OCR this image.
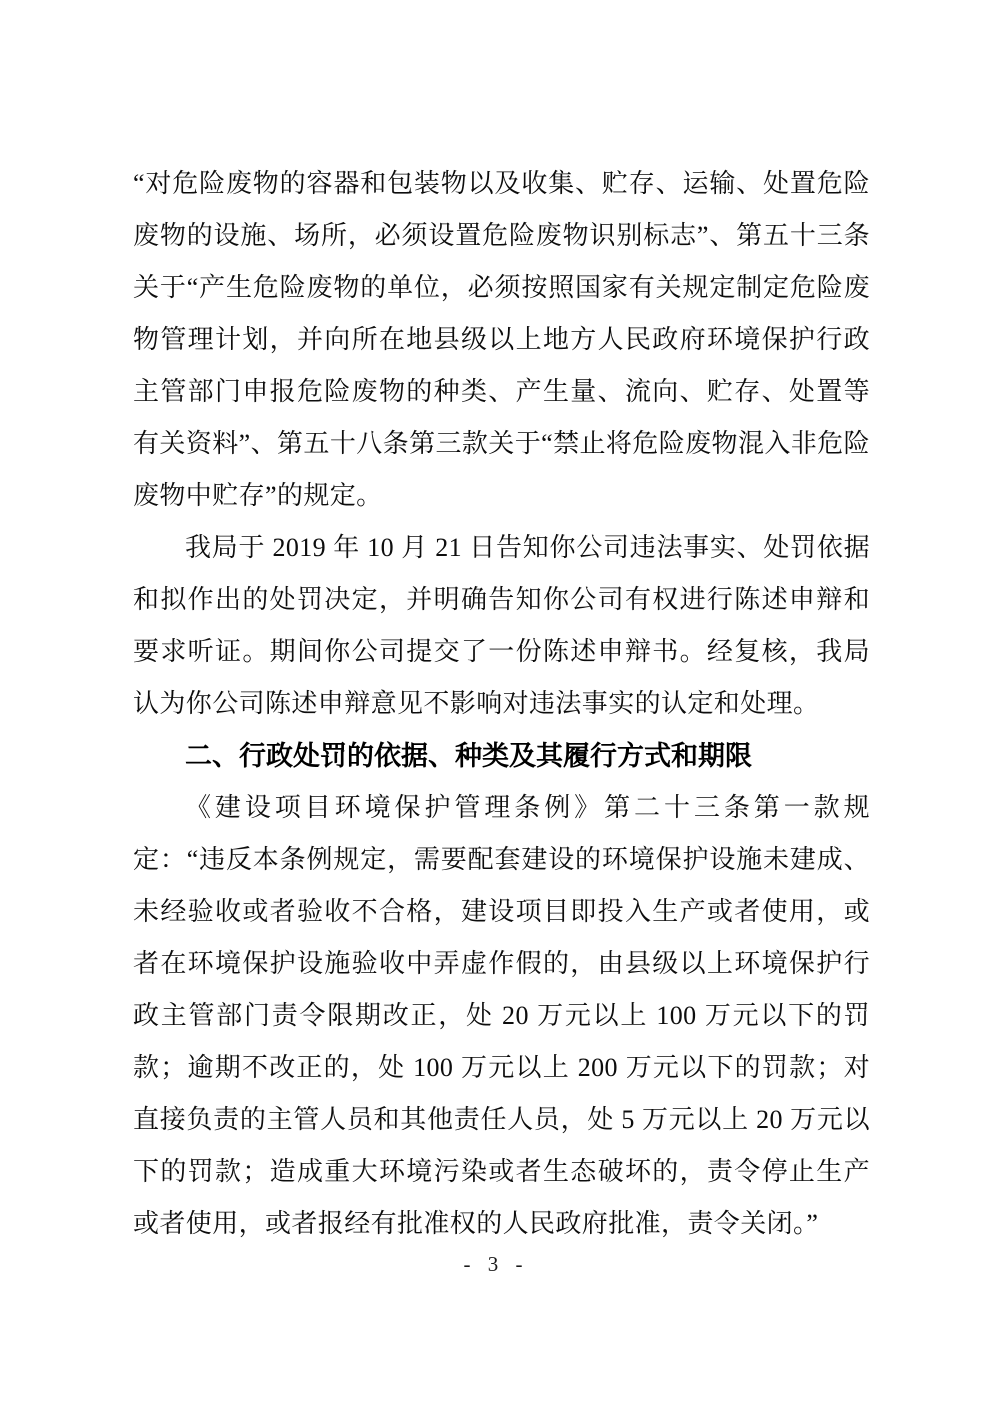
“对危险废物的容器和包装物以及收集、贮存、运输、处置危险废物的设施、场所，必须设置危险废物识别标志”、第五十三条关于“产生危险废物的单位，必须按照国家有关规定制定危险废物管理计划，并向所在地县级以上地方人民政府环境保护行政主管部门申报危险废物的种类、产生量、流向、贮存、处置等有关资料”、第五十八条第三款关于“禁止将危险废物混入非危险废物中贮存”的规定。

我局于 2019 年 10 月 21 日告知你公司违法事实、处罚依据和拟作出的处罚决定，并明确告知你公司有权进行陈述申辩和要求听证。期间你公司提交了一份陈述申辩书。经复核，我局认为你公司陈述申辩意见不影响对违法事实的认定和处理。

二、行政处罚的依据、种类及其履行方式和期限

《建设项目环境保护管理条例》第二十三条第一款规定：“违反本条例规定，需要配套建设的环境保护设施未建成、未经验收或者验收不合格，建设项目即投入生产或者使用，或者在环境保护设施验收中弄虚作假的，由县级以上环境保护行政主管部门责令限期改正，处 20 万元以上 100 万元以下的罚款；逾期不改正的，处 100 万元以上 200 万元以下的罚款；对直接负责的主管人员和其他责任人员，处 5 万元以上 20 万元以下的罚款；造成重大环境污染或者生态破坏的，责令停止生产或者使用，或者报经有批准权的人民政府批准，责令关闭。”

- 3 -
